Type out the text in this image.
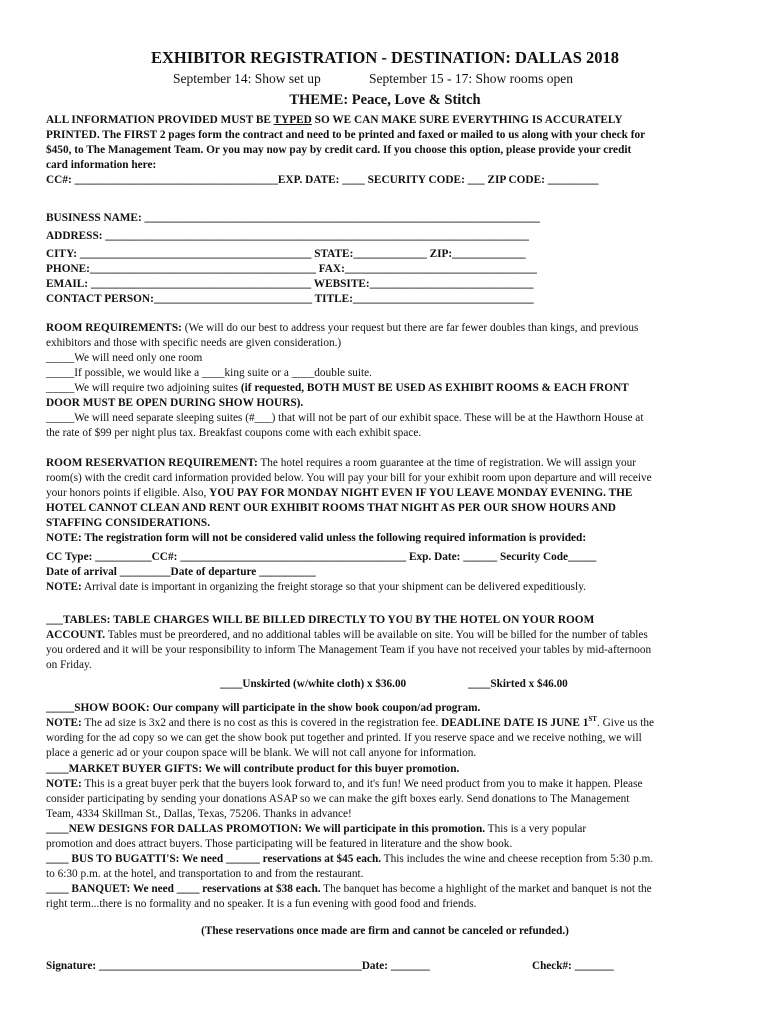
EXHIBITOR REGISTRATION - DESTINATION: DALLAS 2018
September 14: Show set up	September 15 - 17: Show rooms open
THEME: Peace, Love & Stitch
ALL INFORMATION PROVIDED MUST BE TYPED SO WE CAN MAKE SURE EVERYTHING IS ACCURATELY
PRINTED. The FIRST 2 pages form the contract and need to be printed and faxed or mailed to us along with your check for
$450, to The Management Team. Or you may now pay by credit card. If you choose this option, please provide your credit
card information here:
CC#: ____________________________________EXP. DATE: ____ SECURITY CODE: ___ ZIP CODE: _________
BUSINESS NAME: ______________________________________________________________________
ADDRESS: ___________________________________________________________________________
CITY: _________________________________________ STATE:_____________ ZIP:_____________
PHONE:________________________________________ FAX:__________________________________
EMAIL: _______________________________________ WEBSITE:_____________________________
CONTACT PERSON:____________________________ TITLE:________________________________
ROOM REQUIREMENTS: (We will do our best to address your request but there are far fewer doubles than kings, and previous
exhibitors and those with specific needs are given consideration.)
_____We will need only one room
_____If possible, we would like a ____king suite or a ____double suite.
_____We will require two adjoining suites (if requested, BOTH MUST BE USED AS EXHIBIT ROOMS & EACH FRONT
DOOR MUST BE OPEN DURING SHOW HOURS).
_____We will need separate sleeping suites (#___) that will not be part of our exhibit space. These will be at the Hawthorn House at
the rate of $99 per night plus tax. Breakfast coupons come with each exhibit space.
ROOM RESERVATION REQUIREMENT: The hotel requires a room guarantee at the time of registration. We will assign your
room(s) with the credit card information provided below. You will pay your bill for your exhibit room upon departure and will receive
your honors points if eligible. Also, YOU PAY FOR MONDAY NIGHT EVEN IF YOU LEAVE MONDAY EVENING. THE
HOTEL CANNOT CLEAN AND RENT OUR EXHIBIT ROOMS THAT NIGHT AS PER OUR SHOW HOURS AND
STAFFING CONSIDERATIONS.
NOTE: The registration form will not be considered valid unless the following required information is provided:
CC Type: __________CC#: ________________________________________ Exp. Date: ______ Security Code_____
Date of arrival _________Date of departure __________
NOTE: Arrival date is important in organizing the freight storage so that your shipment can be delivered expeditiously.
___TABLES: TABLE CHARGES WILL BE BILLED DIRECTLY TO YOU BY THE HOTEL ON YOUR ROOM
ACCOUNT. Tables must be preordered, and no additional tables will be available on site. You will be billed for the number of tables
you ordered and it will be your responsibility to inform The Management Team if you have not received your tables by mid-afternoon
on Friday.
____Unskirted (w/white cloth) x $36.00	____Skirted x $46.00
_____SHOW BOOK: Our company will participate in the show book coupon/ad program.
NOTE: The ad size is 3x2 and there is no cost as this is covered in the registration fee. DEADLINE DATE IS JUNE 1ST. Give us the
wording for the ad copy so we can get the show book put together and printed. If you reserve space and we receive nothing, we will
place a generic ad or your coupon space will be blank. We will not call anyone for information.
____MARKET BUYER GIFTS: We will contribute product for this buyer promotion.
NOTE: This is a great buyer perk that the buyers look forward to, and it's fun! We need product from you to make it happen. Please
consider participating by sending your donations ASAP so we can make the gift boxes early. Send donations to The Management
Team, 4334 Skillman St., Dallas, Texas, 75206. Thanks in advance!
____NEW DESIGNS FOR DALLAS PROMOTION: We will participate in this promotion. This is a very popular
promotion and does attract buyers. Those participating will be featured in literature and the show book.
____ BUS TO BUGATTI'S: We need ______ reservations at $45 each. This includes the wine and cheese reception from 5:30 p.m.
to 6:30 p.m. at the hotel, and transportation to and from the restaurant.
____ BANQUET: We need ____ reservations at $38 each. The banquet has become a highlight of the market and banquet is not the
right term...there is no formality and no speaker. It is a fun evening with good food and friends.
(These reservations once made are firm and cannot be canceled or refunded.)
Signature: _______________________________________________Date: _______	Check#: _______
